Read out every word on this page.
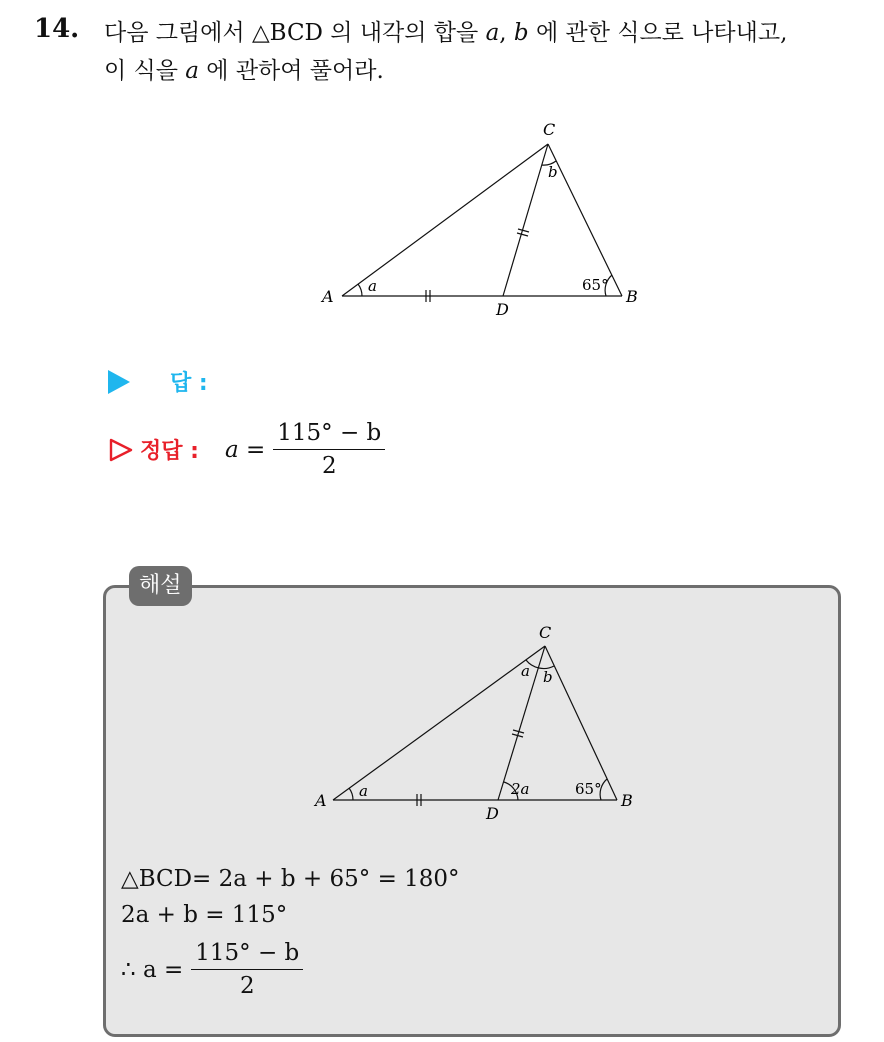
14. 다음 그림에서 △BCD 의 내각의 합을 a, b 에 관한 식으로 나타내고,
이 식을 a 에 관하여 풀어라.
C
A	B
D
a
b
65°
답 :
정답 : $a = \frac{115^\circ - b}{2}$
해설
C
A	B
D
a
a b
2a	65°
△BCD= 2a + b + 65° = 180°
2a + b = 115°
∴ $a = \frac{115^\circ - b}{2}$
